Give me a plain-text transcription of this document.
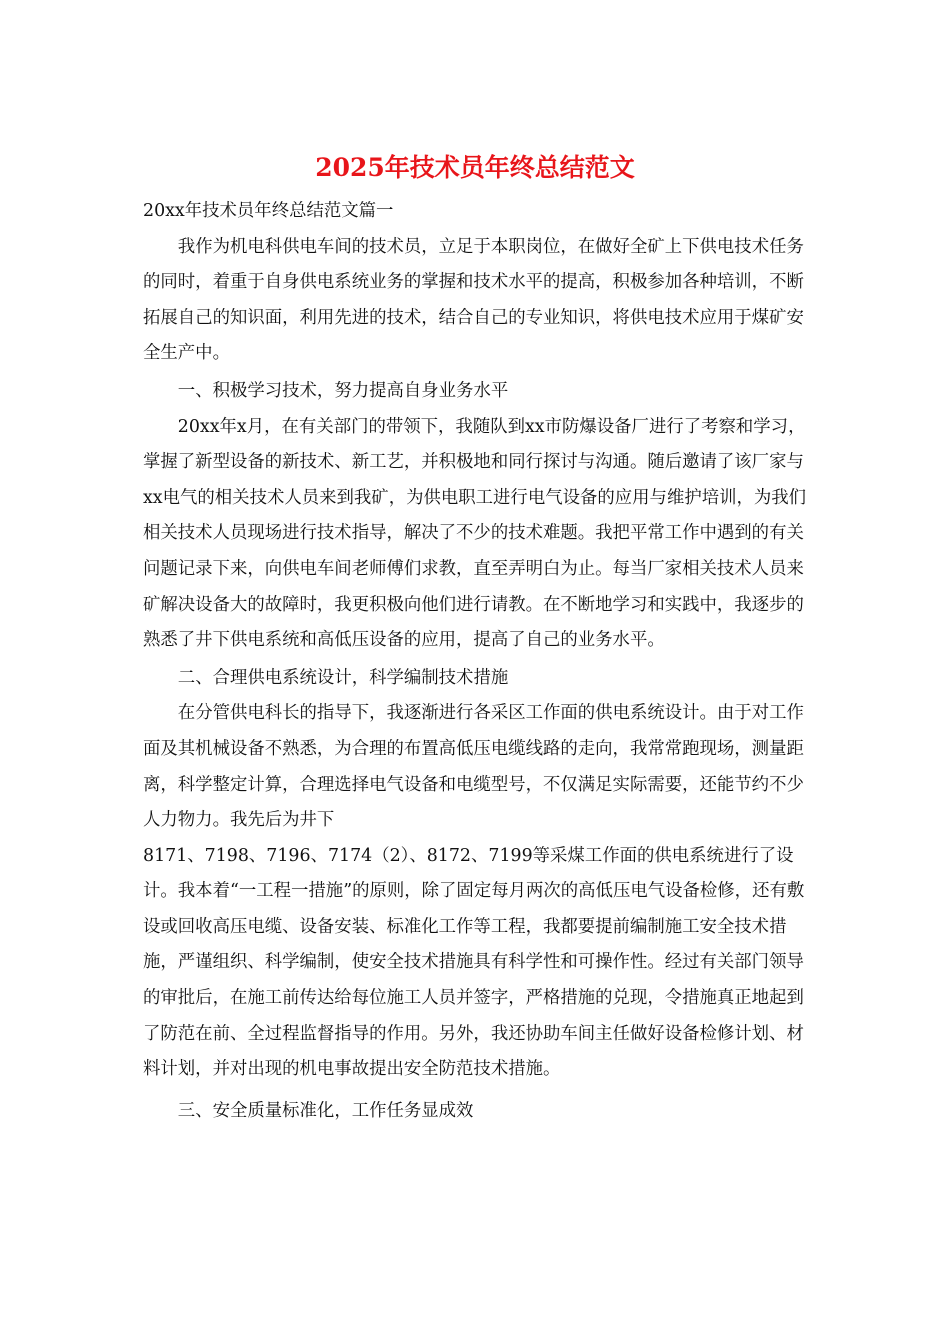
2025年技术员年终总结范文

20xx年技术员年终总结范文篇一

我作为机电科供电车间的技术员，立足于本职岗位，在做好全矿上下供电技术任务的同时，着重于自身供电系统业务的掌握和技术水平的提高，积极参加各种培训，不断拓展自己的知识面，利用先进的技术，结合自己的专业知识，将供电技术应用于煤矿安全生产中。

一、积极学习技术，努力提高自身业务水平

20xx年x月，在有关部门的带领下，我随队到xx市防爆设备厂进行了考察和学习，掌握了新型设备的新技术、新工艺，并积极地和同行探讨与沟通。随后邀请了该厂家与xx电气的相关技术人员来到我矿，为供电职工进行电气设备的应用与维护培训，为我们相关技术人员现场进行技术指导，解决了不少的技术难题。我把平常工作中遇到的有关问题记录下来，向供电车间老师傅们求教，直至弄明白为止。每当厂家相关技术人员来矿解决设备大的故障时，我更积极向他们进行请教。在不断地学习和实践中，我逐步的熟悉了井下供电系统和高低压设备的应用，提高了自己的业务水平。

二、合理供电系统设计，科学编制技术措施

在分管供电科长的指导下，我逐渐进行各采区工作面的供电系统设计。由于对工作面及其机械设备不熟悉，为合理的布置高低压电缆线路的走向，我常常跑现场，测量距离，科学整定计算，合理选择电气设备和电缆型号，不仅满足实际需要，还能节约不少人力物力。我先后为井下

8171、7198、7196、7174（2）、8172、7199等采煤工作面的供电系统进行了设计。我本着“一工程一措施”的原则，除了固定每月两次的高低压电气设备检修，还有敷设或回收高压电缆、设备安装、标准化工作等工程，我都要提前编制施工安全技术措施，严谨组织、科学编制，使安全技术措施具有科学性和可操作性。经过有关部门领导的审批后，在施工前传达给每位施工人员并签字，严格措施的兑现，令措施真正地起到了防范在前、全过程监督指导的作用。另外，我还协助车间主任做好设备检修计划、材料计划，并对出现的机电事故提出安全防范技术措施。

三、安全质量标准化，工作任务显成效
